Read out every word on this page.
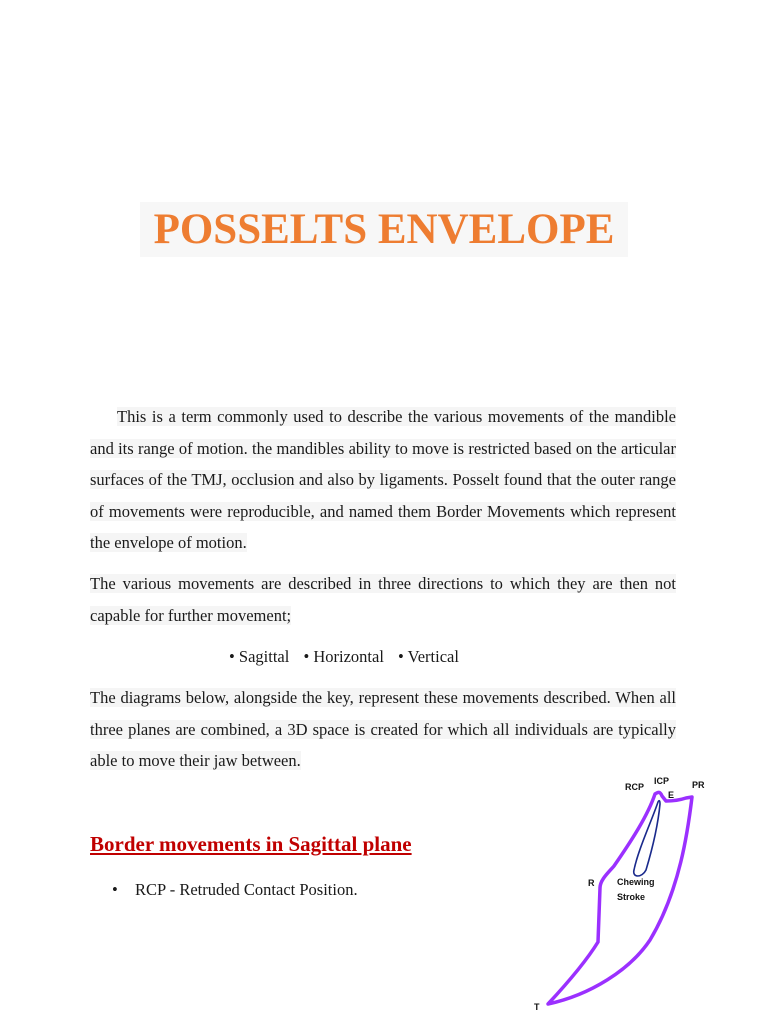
POSSELTS ENVELOPE
This is a term commonly used to describe the various movements of the mandible and its range of motion. the mandibles ability to move is restricted based on the articular surfaces of the TMJ, occlusion and also by ligaments. Posselt found that the outer range of movements were reproducible, and named them Border Movements which represent the envelope of motion.
The various movements are described in three directions to which they are then not capable for further movement;
• Sagittal • Horizontal • Vertical
The diagrams below, alongside the key, represent these movements described. When all three planes are combined, a 3D space is created for which all individuals are typically able to move their jaw between.
Border movements in Sagittal plane
• RCP - Retruded Contact Position.
RCP
ICP
E
PR
R
T
Chewing
Stroke
